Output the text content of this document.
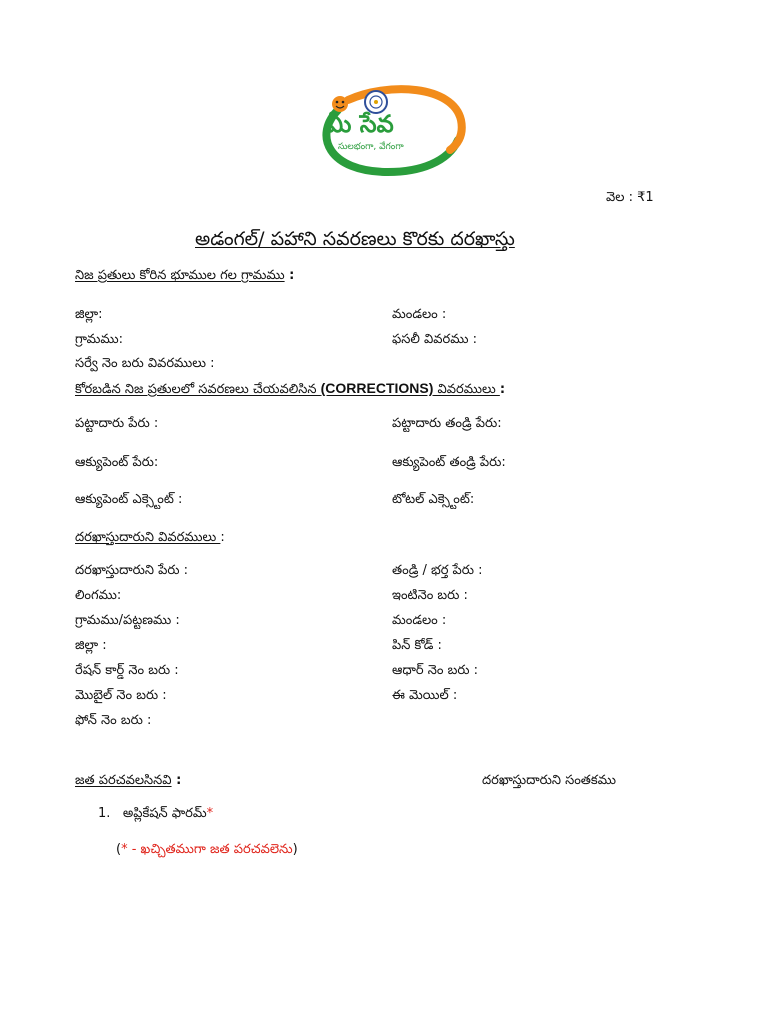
మీ సేవ
సులభంగా, వేగంగా
వెల : ₹1
అడంగల్/ పహాని సవరణలు కొరకు దరఖాస్తు
నిజ ప్రతులు కోరిన భూముల గల గ్రామము :
జిల్లా:
గ్రామము:
సర్వే నెం బరు వివరములు :
మండలం :
ఫసలీ వివరము :
కోరబడిన నిజ ప్రతులలో సవరణలు చేయవలిసిన (CORRECTIONS) వివరములు :
పట్టాదారు పేరు :
ఆక్యుపెంట్ పేరు:
ఆక్యుపెంట్ ఎక్స్టెంట్ :
పట్టాదారు తండ్రి పేరు:
ఆక్యుపెంట్ తండ్రి పేరు:
టోటల్ ఎక్స్టెంట్:
దరఖాస్తుదారుని వివరములు :
దరఖాస్తుదారుని పేరు :
లింగము:
గ్రామము/పట్టణము :
జిల్లా :
రేషన్ కార్డ్ నెం బరు :
మొబైల్ నెం బరు :
ఫోన్ నెం బరు :
తండ్రి / భర్త పేరు :
ఇంటినెం బరు :
మండలం :
పిన్ కోడ్ :
ఆధార్ నెం బరు :
ఈ మెయిల్ :
జత పరచవలసినవి :	దరఖాస్తుదారుని సంతకము
1. అప్లికేషన్ ఫారమ్*
(* - ఖచ్చితముగా జత పరచవలెను)
